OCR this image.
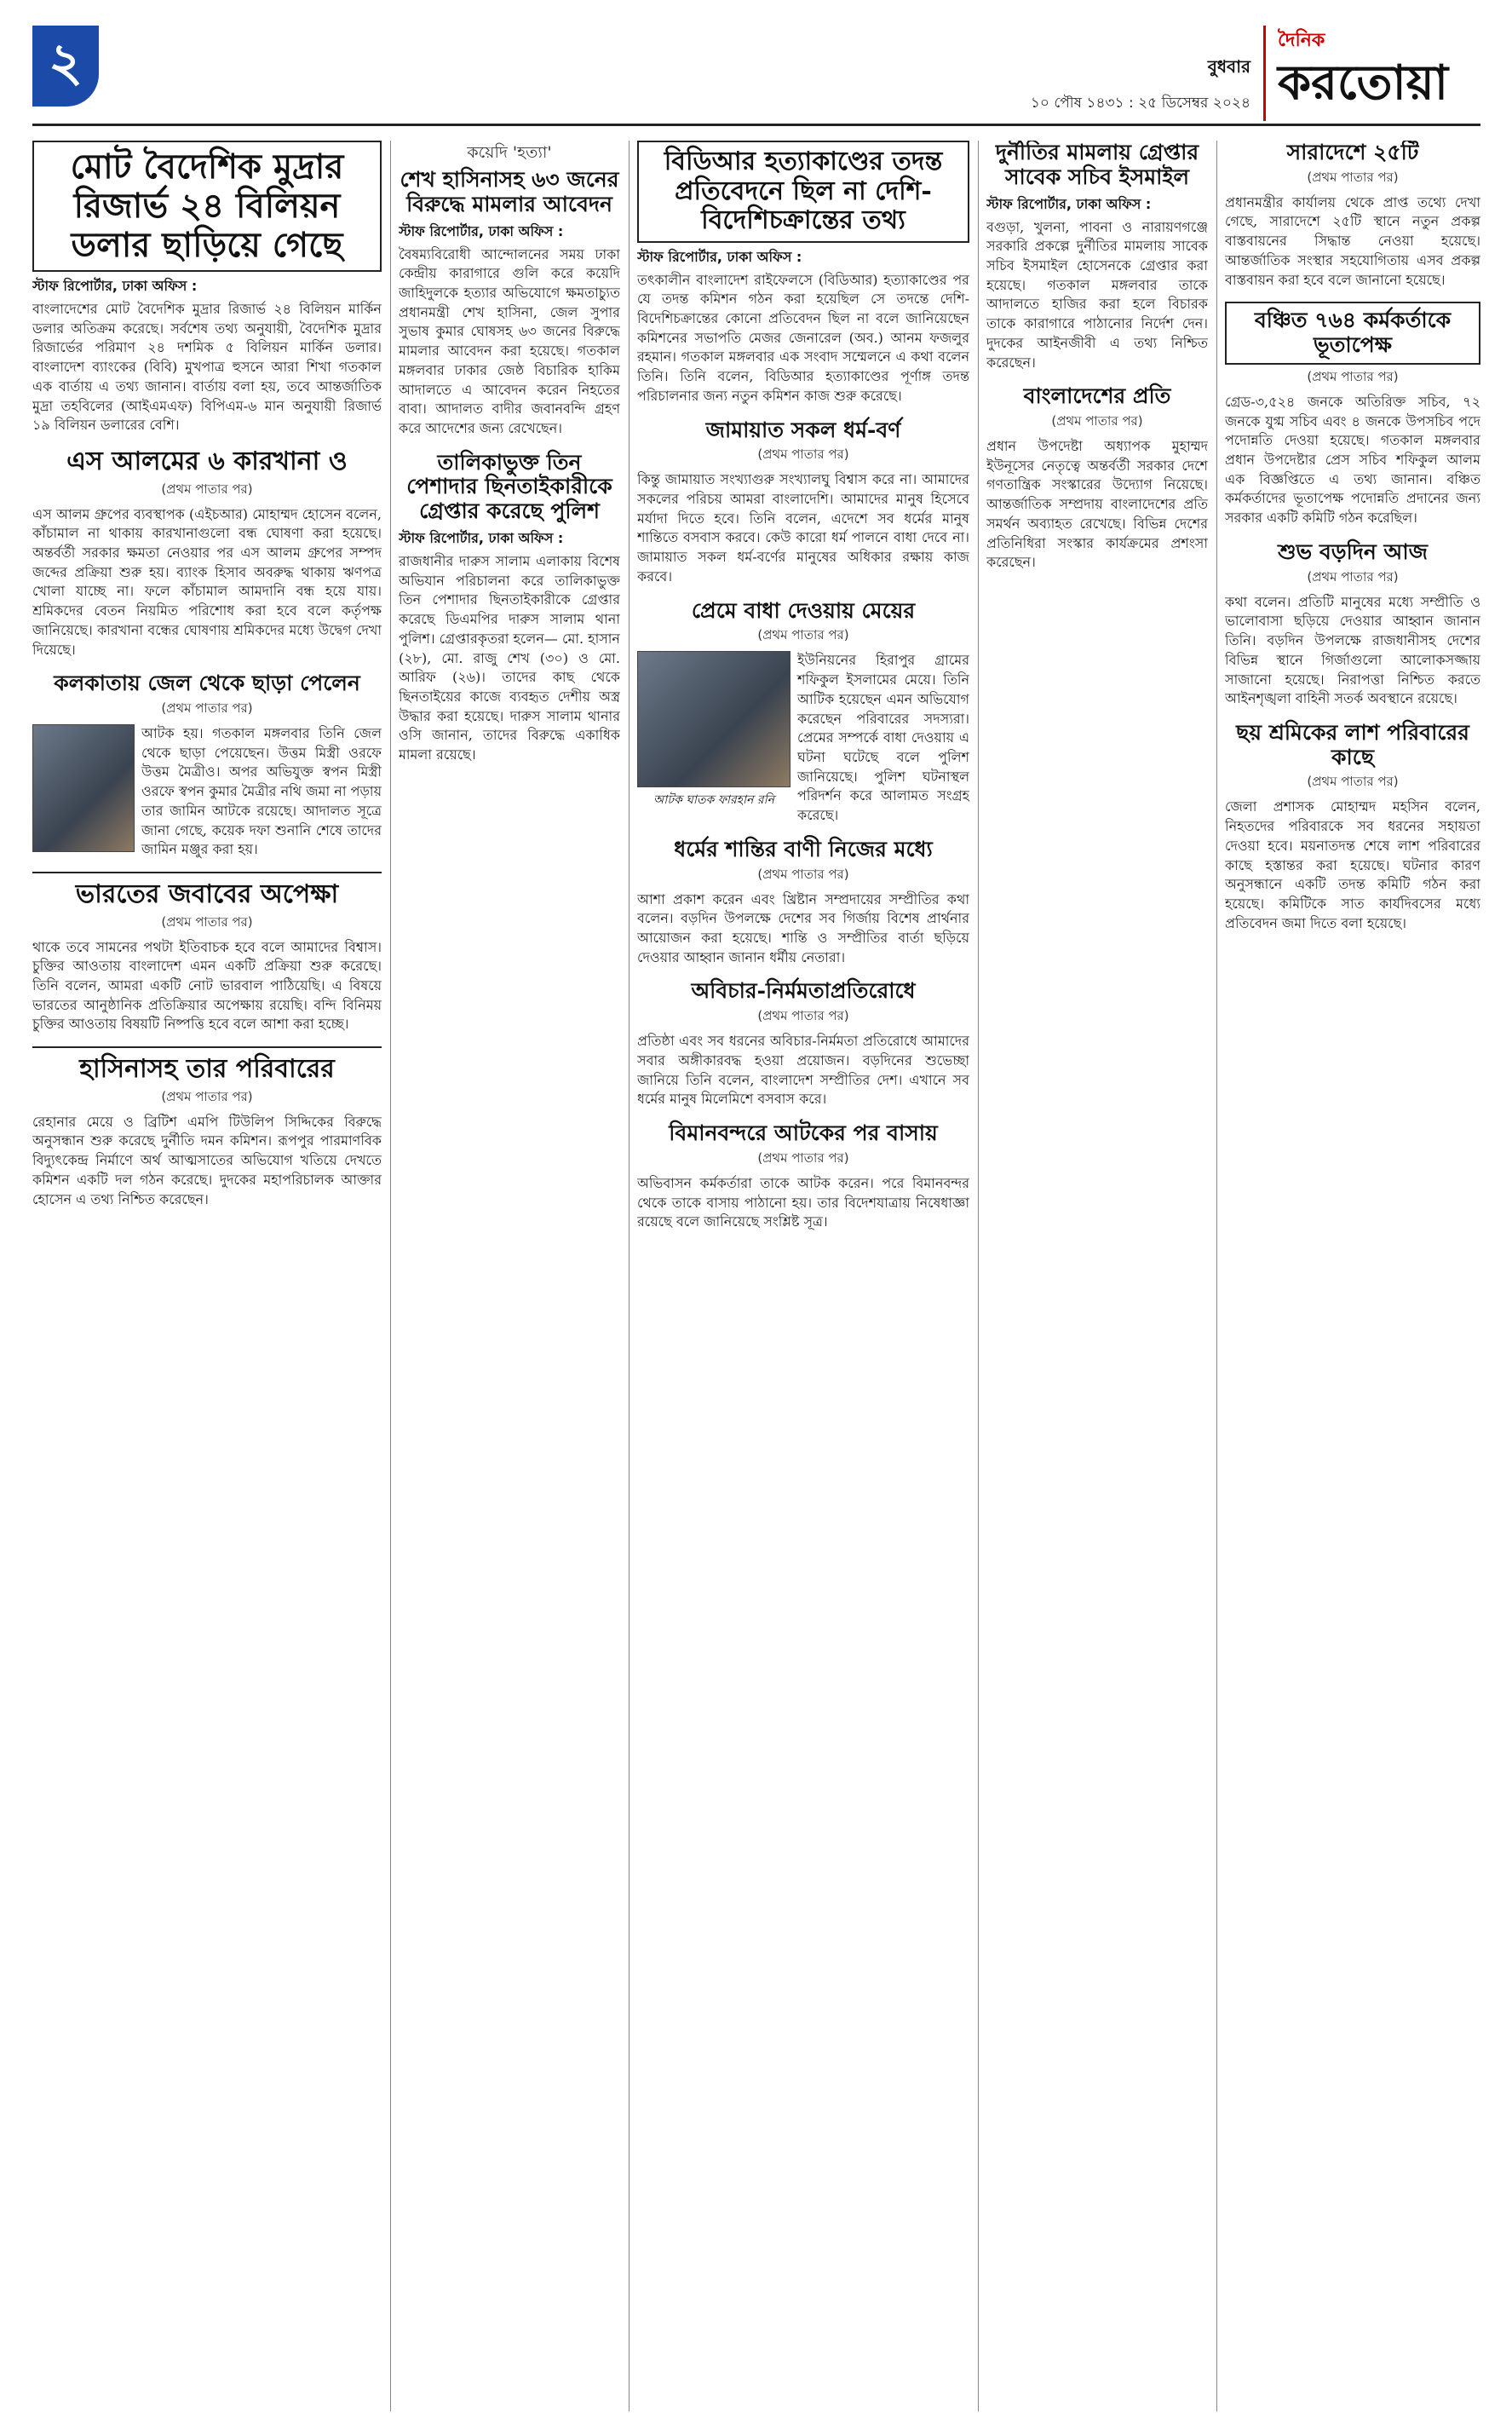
২	বুধবার
১০ পৌষ ১৪৩১ : ২৫ ডিসেম্বর ২০২৪
দৈনিক
করতোয়া
মোট বৈদেশিক মুদ্রার রিজার্ভ ২৪ বিলিয়ন ডলার ছাড়িয়ে গেছে
স্টাফ রিপোর্টার, ঢাকা অফিস :
বাংলাদেশের মোট বৈদেশিক মুদ্রার রিজার্ভ ২৪ বিলিয়ন মার্কিন ডলার অতিক্রম করেছে। সর্বশেষ তথ্য অনুযায়ী, বৈদেশিক মুদ্রার রিজার্ভের পরিমাণ ২৪ দশমিক ৫ বিলিয়ন মার্কিন ডলার। বাংলাদেশ ব্যাংকের (বিবি) মুখপাত্র হুসনে আরা শিখা গতকাল এক বার্তায় এ তথ্য জানান। বার্তায় বলা হয়, তবে আন্তর্জাতিক মুদ্রা তহবিলের (আইএমএফ) বিপিএম-৬ মান অনুযায়ী রিজার্ভ ১৯ বিলিয়ন ডলারের বেশি।
এস আলমের ৬ কারখানা ও
(প্রথম পাতার পর)
এস আলম গ্রুপের ব্যবস্থাপক (এইচআর) মোহাম্মদ হোসেন বলেন, কাঁচামাল না থাকায় কারখানাগুলো বন্ধ ঘোষণা করা হয়েছে। অন্তর্বর্তী সরকার ক্ষমতা নেওয়ার পর এস আলম গ্রুপের সম্পদ জব্দের প্রক্রিয়া শুরু হয়। ব্যাংক হিসাব অবরুদ্ধ থাকায় ঋণপত্র খোলা যাচ্ছে না। ফলে কাঁচামাল আমদানি বন্ধ হয়ে যায়। শ্রমিকদের বেতন নিয়মিত পরিশোধ করা হবে বলে কর্তৃপক্ষ জানিয়েছে। কারখানা বন্ধের ঘোষণায় শ্রমিকদের মধ্যে উদ্বেগ দেখা দিয়েছে।
কলকাতায় জেল থেকে ছাড়া পেলেন
(প্রথম পাতার পর)
আটক হয়। গতকাল মঙ্গলবার তিনি জেল থেকে ছাড়া পেয়েছেন। উত্তম মিস্ত্রী ওরফে উত্তম মৈত্রীও। অপর অভিযুক্ত স্বপন মিস্ত্রী ওরফে স্বপন কুমার মৈত্রীর নথি জমা না পড়ায় তার জামিন আটকে রয়েছে। আদালত সূত্রে জানা গেছে, কয়েক দফা শুনানি শেষে তাদের জামিন মঞ্জুর করা হয়।
ভারতের জবাবের অপেক্ষা
(প্রথম পাতার পর)
থাকে তবে সামনের পথটা ইতিবাচক হবে বলে আমাদের বিশ্বাস। চুক্তির আওতায় বাংলাদেশ এমন একটি প্রক্রিয়া শুরু করেছে। তিনি বলেন, আমরা একটি নোট ভারবাল পাঠিয়েছি। এ বিষয়ে ভারতের আনুষ্ঠানিক প্রতিক্রিয়ার অপেক্ষায় রয়েছি। বন্দি বিনিময় চুক্তির আওতায় বিষয়টি নিষ্পত্তি হবে বলে আশা করা হচ্ছে।
হাসিনাসহ তার পরিবারের
(প্রথম পাতার পর)
রেহানার মেয়ে ও ব্রিটিশ এমপি টিউলিপ সিদ্দিকের বিরুদ্ধে অনুসন্ধান শুরু করেছে দুর্নীতি দমন কমিশন। রূপপুর পারমাণবিক বিদ্যুৎকেন্দ্র নির্মাণে অর্থ আত্মসাতের অভিযোগ খতিয়ে দেখতে কমিশন একটি দল গঠন করেছে। দুদকের মহাপরিচালক আক্তার হোসেন এ তথ্য নিশ্চিত করেছেন।
কয়েদি 'হত্যা'
শেখ হাসিনাসহ ৬৩ জনের বিরুদ্ধে মামলার আবেদন
স্টাফ রিপোর্টার, ঢাকা অফিস :
বৈষম্যবিরোধী আন্দোলনের সময় ঢাকা কেন্দ্রীয় কারাগারে গুলি করে কয়েদি জাহিদুলকে হত্যার অভিযোগে ক্ষমতাচ্যুত প্রধানমন্ত্রী শেখ হাসিনা, জেল সুপার সুভাষ কুমার ঘোষসহ ৬৩ জনের বিরুদ্ধে মামলার আবেদন করা হয়েছে। গতকাল মঙ্গলবার ঢাকার জেষ্ঠ বিচারিক হাকিম আদালতে এ আবেদন করেন নিহতের বাবা। আদালত বাদীর জবানবন্দি গ্রহণ করে আদেশের জন্য রেখেছেন।
তালিকাভুক্ত তিন পেশাদার ছিনতাইকারীকে গ্রেপ্তার করেছে পুলিশ
স্টাফ রিপোর্টার, ঢাকা অফিস :
রাজধানীর দারুস সালাম এলাকায় বিশেষ অভিযান পরিচালনা করে তালিকাভুক্ত তিন পেশাদার ছিনতাইকারীকে গ্রেপ্তার করেছে ডিএমপির দারুস সালাম থানা পুলিশ। গ্রেপ্তারকৃতরা হলেন— মো. হাসান (২৮), মো. রাজু শেখ (৩০) ও মো. আরিফ (২৬)। তাদের কাছ থেকে ছিনতাইয়ের কাজে ব্যবহৃত দেশীয় অস্ত্র উদ্ধার করা হয়েছে। দারুস সালাম থানার ওসি জানান, তাদের বিরুদ্ধে একাধিক মামলা রয়েছে।
বিডিআর হত্যাকাণ্ডের তদন্ত প্রতিবেদনে ছিল না দেশি-বিদেশিচক্রান্তের তথ্য
স্টাফ রিপোর্টার, ঢাকা অফিস :
তৎকালীন বাংলাদেশ রাইফেলসে (বিডিআর) হত্যাকাণ্ডের পর যে তদন্ত কমিশন গঠন করা হয়েছিল সে তদন্তে দেশি-বিদেশিচক্রান্তের কোনো প্রতিবেদন ছিল না বলে জানিয়েছেন কমিশনের সভাপতি মেজর জেনারেল (অব.) আনম ফজলুর রহমান। গতকাল মঙ্গলবার এক সংবাদ সম্মেলনে এ কথা বলেন তিনি। তিনি বলেন, বিডিআর হত্যাকাণ্ডের পূর্ণাঙ্গ তদন্ত পরিচালনার জন্য নতুন কমিশন কাজ শুরু করেছে।
জামায়াত সকল ধর্ম-বর্ণ
(প্রথম পাতার পর)
কিন্তু জামায়াত সংখ্যাগুরু সংখ্যালঘু বিশ্বাস করে না। আমাদের সকলের পরিচয় আমরা বাংলাদেশি। আমাদের মানুষ হিসেবে মর্যাদা দিতে হবে। তিনি বলেন, এদেশে সব ধর্মের মানুষ শান্তিতে বসবাস করবে। কেউ কারো ধর্ম পালনে বাধা দেবে না। জামায়াত সকল ধর্ম-বর্ণের মানুষের অধিকার রক্ষায় কাজ করবে।
প্রেমে বাধা দেওয়ায় মেয়ের
(প্রথম পাতার পর)
আটক ঘাতক ফারহান রনি
ইউনিয়নের হিরাপুর গ্রামের শফিকুল ইসলামের মেয়ে। তিনি আটিক হয়েছেন এমন অভিযোগ করেছেন পরিবারের সদস্যরা। প্রেমের সম্পর্কে বাধা দেওয়ায় এ ঘটনা ঘটেছে বলে পুলিশ জানিয়েছে। পুলিশ ঘটনাস্থল পরিদর্শন করে আলামত সংগ্রহ করেছে।
ধর্মের শান্তির বাণী নিজের মধ্যে
(প্রথম পাতার পর)
আশা প্রকাশ করেন এবং খ্রিষ্টান সম্প্রদায়ের সম্প্রীতির কথা বলেন। বড়দিন উপলক্ষে দেশের সব গির্জায় বিশেষ প্রার্থনার আয়োজন করা হয়েছে। শান্তি ও সম্প্রীতির বার্তা ছড়িয়ে দেওয়ার আহ্বান জানান ধর্মীয় নেতারা।
অবিচার-নির্মমতাপ্রতিরোধে
(প্রথম পাতার পর)
প্রতিষ্ঠা এবং সব ধরনের অবিচার-নির্মমতা প্রতিরোধে আমাদের সবার অঙ্গীকারবদ্ধ হওয়া প্রয়োজন। বড়দিনের শুভেচ্ছা জানিয়ে তিনি বলেন, বাংলাদেশ সম্প্রীতির দেশ। এখানে সব ধর্মের মানুষ মিলেমিশে বসবাস করে।
বিমানবন্দরে আটকের পর বাসায়
(প্রথম পাতার পর)
অভিবাসন কর্মকর্তারা তাকে আটক করেন। পরে বিমানবন্দর থেকে তাকে বাসায় পাঠানো হয়। তার বিদেশযাত্রায় নিষেধাজ্ঞা রয়েছে বলে জানিয়েছে সংশ্লিষ্ট সূত্র।
দুর্নীতির মামলায় গ্রেপ্তার সাবেক সচিব ইসমাইল
স্টাফ রিপোর্টার, ঢাকা অফিস :
বগুড়া, খুলনা, পাবনা ও নারায়ণগঞ্জে সরকারি প্রকল্পে দুর্নীতির মামলায় সাবেক সচিব ইসমাইল হোসেনকে গ্রেপ্তার করা হয়েছে। গতকাল মঙ্গলবার তাকে আদালতে হাজির করা হলে বিচারক তাকে কারাগারে পাঠানোর নির্দেশ দেন। দুদকের আইনজীবী এ তথ্য নিশ্চিত করেছেন।
বাংলাদেশের প্রতি
(প্রথম পাতার পর)
প্রধান উপদেষ্টা অধ্যাপক মুহাম্মদ ইউনূসের নেতৃত্বে অন্তর্বর্তী সরকার দেশে গণতান্ত্রিক সংস্কারের উদ্যোগ নিয়েছে। আন্তর্জাতিক সম্প্রদায় বাংলাদেশের প্রতি সমর্থন অব্যাহত রেখেছে। বিভিন্ন দেশের প্রতিনিধিরা সংস্কার কার্যক্রমের প্রশংসা করেছেন।
সারাদেশে ২৫টি
(প্রথম পাতার পর)
প্রধানমন্ত্রীর কার্যালয় থেকে প্রাপ্ত তথ্যে দেখা গেছে, সারাদেশে ২৫টি স্থানে নতুন প্রকল্প বাস্তবায়নের সিদ্ধান্ত নেওয়া হয়েছে। আন্তর্জাতিক সংস্থার সহযোগিতায় এসব প্রকল্প বাস্তবায়ন করা হবে বলে জানানো হয়েছে।
বঞ্চিত ৭৬৪ কর্মকর্তাকে ভূতাপেক্ষ
(প্রথম পাতার পর)
গ্রেড-৩,৫২৪ জনকে অতিরিক্ত সচিব, ৭২ জনকে যুগ্ম সচিব এবং ৪ জনকে উপসচিব পদে পদোন্নতি দেওয়া হয়েছে। গতকাল মঙ্গলবার প্রধান উপদেষ্টার প্রেস সচিব শফিকুল আলম এক বিজ্ঞপ্তিতে এ তথ্য জানান। বঞ্চিত কর্মকর্তাদের ভূতাপেক্ষ পদোন্নতি প্রদানের জন্য সরকার একটি কমিটি গঠন করেছিল।
শুভ বড়দিন আজ
(প্রথম পাতার পর)
কথা বলেন। প্রতিটি মানুষের মধ্যে সম্প্রীতি ও ভালোবাসা ছড়িয়ে দেওয়ার আহ্বান জানান তিনি। বড়দিন উপলক্ষে রাজধানীসহ দেশের বিভিন্ন স্থানে গির্জাগুলো আলোকসজ্জায় সাজানো হয়েছে। নিরাপত্তা নিশ্চিত করতে আইনশৃঙ্খলা বাহিনী সতর্ক অবস্থানে রয়েছে।
ছয় শ্রমিকের লাশ পরিবারের কাছে
(প্রথম পাতার পর)
জেলা প্রশাসক মোহাম্মদ মহসিন বলেন, নিহতদের পরিবারকে সব ধরনের সহায়তা দেওয়া হবে। ময়নাতদন্ত শেষে লাশ পরিবারের কাছে হস্তান্তর করা হয়েছে। ঘটনার কারণ অনুসন্ধানে একটি তদন্ত কমিটি গঠন করা হয়েছে। কমিটিকে সাত কার্যদিবসের মধ্যে প্রতিবেদন জমা দিতে বলা হয়েছে।
